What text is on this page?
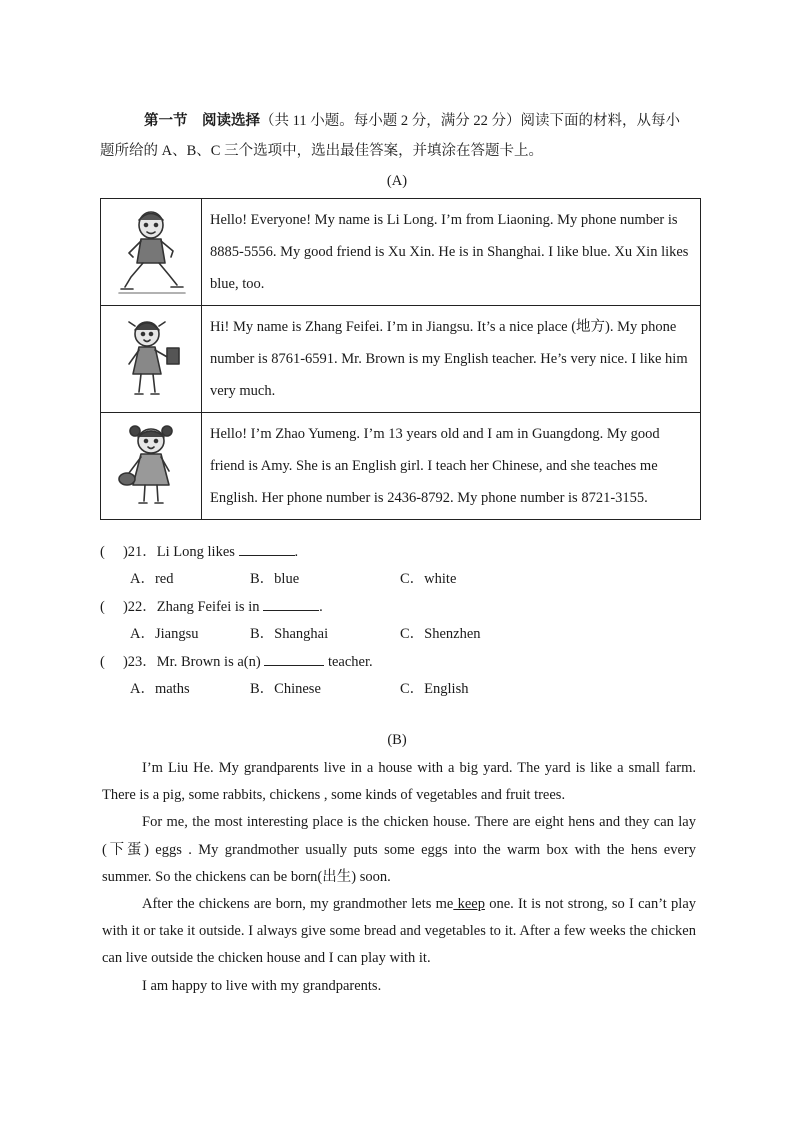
第一节　阅读选择（共 11 小题。每小题 2 分，满分 22 分）阅读下面的材料，从每小
题所给的 A、B、C 三个选项中，选出最佳答案，并填涂在答题卡上。
(A)
	Hello! Everyone! My name is Li Long. I’m from Liaoning. My phone number is 8885-5556. My good friend is Xu Xin. He is in Shanghai. I like blue. Xu Xin likes blue, too.
	Hi! My name is Zhang Feifei. I’m in Jiangsu. It’s a nice place (地方). My phone number is 8761-6591. Mr. Brown is my English teacher. He’s very nice. I like him very much.
	Hello! I’m Zhao Yumeng. I’m 13 years old and I am in Guangdong. My good friend is Amy. She is an English girl. I teach her Chinese, and she teaches me English. Her phone number is 2436-8792. My phone number is 8721-3155.
(　 )21．Li Long likes	.
A．red	B．blue	C．white
(　 )22．Zhang Feifei is in	.
A．Jiangsu	B．Shanghai	C．Shenzhen
(　 )23．Mr. Brown is a(n)	teacher.
A．maths	B．Chinese	C．English
(B)

I’m Liu He. My grandparents live in a house with a big yard. The yard is like a small farm. There is a pig, some rabbits, chickens , some kinds of vegetables and fruit trees.

For me, the most interesting place is the chicken house. There are eight hens and they can lay (下蛋) eggs . My grandmother usually puts some eggs into the warm box with the hens every summer. So the chickens can be born(出生) soon.

After the chickens are born, my grandmother lets me keep one. It is not strong, so I can’t play with it or take it outside. I always give some bread and vegetables to it. After a few weeks the chicken can live outside the chicken house and I can play with it.

I am happy to live with my grandparents.
